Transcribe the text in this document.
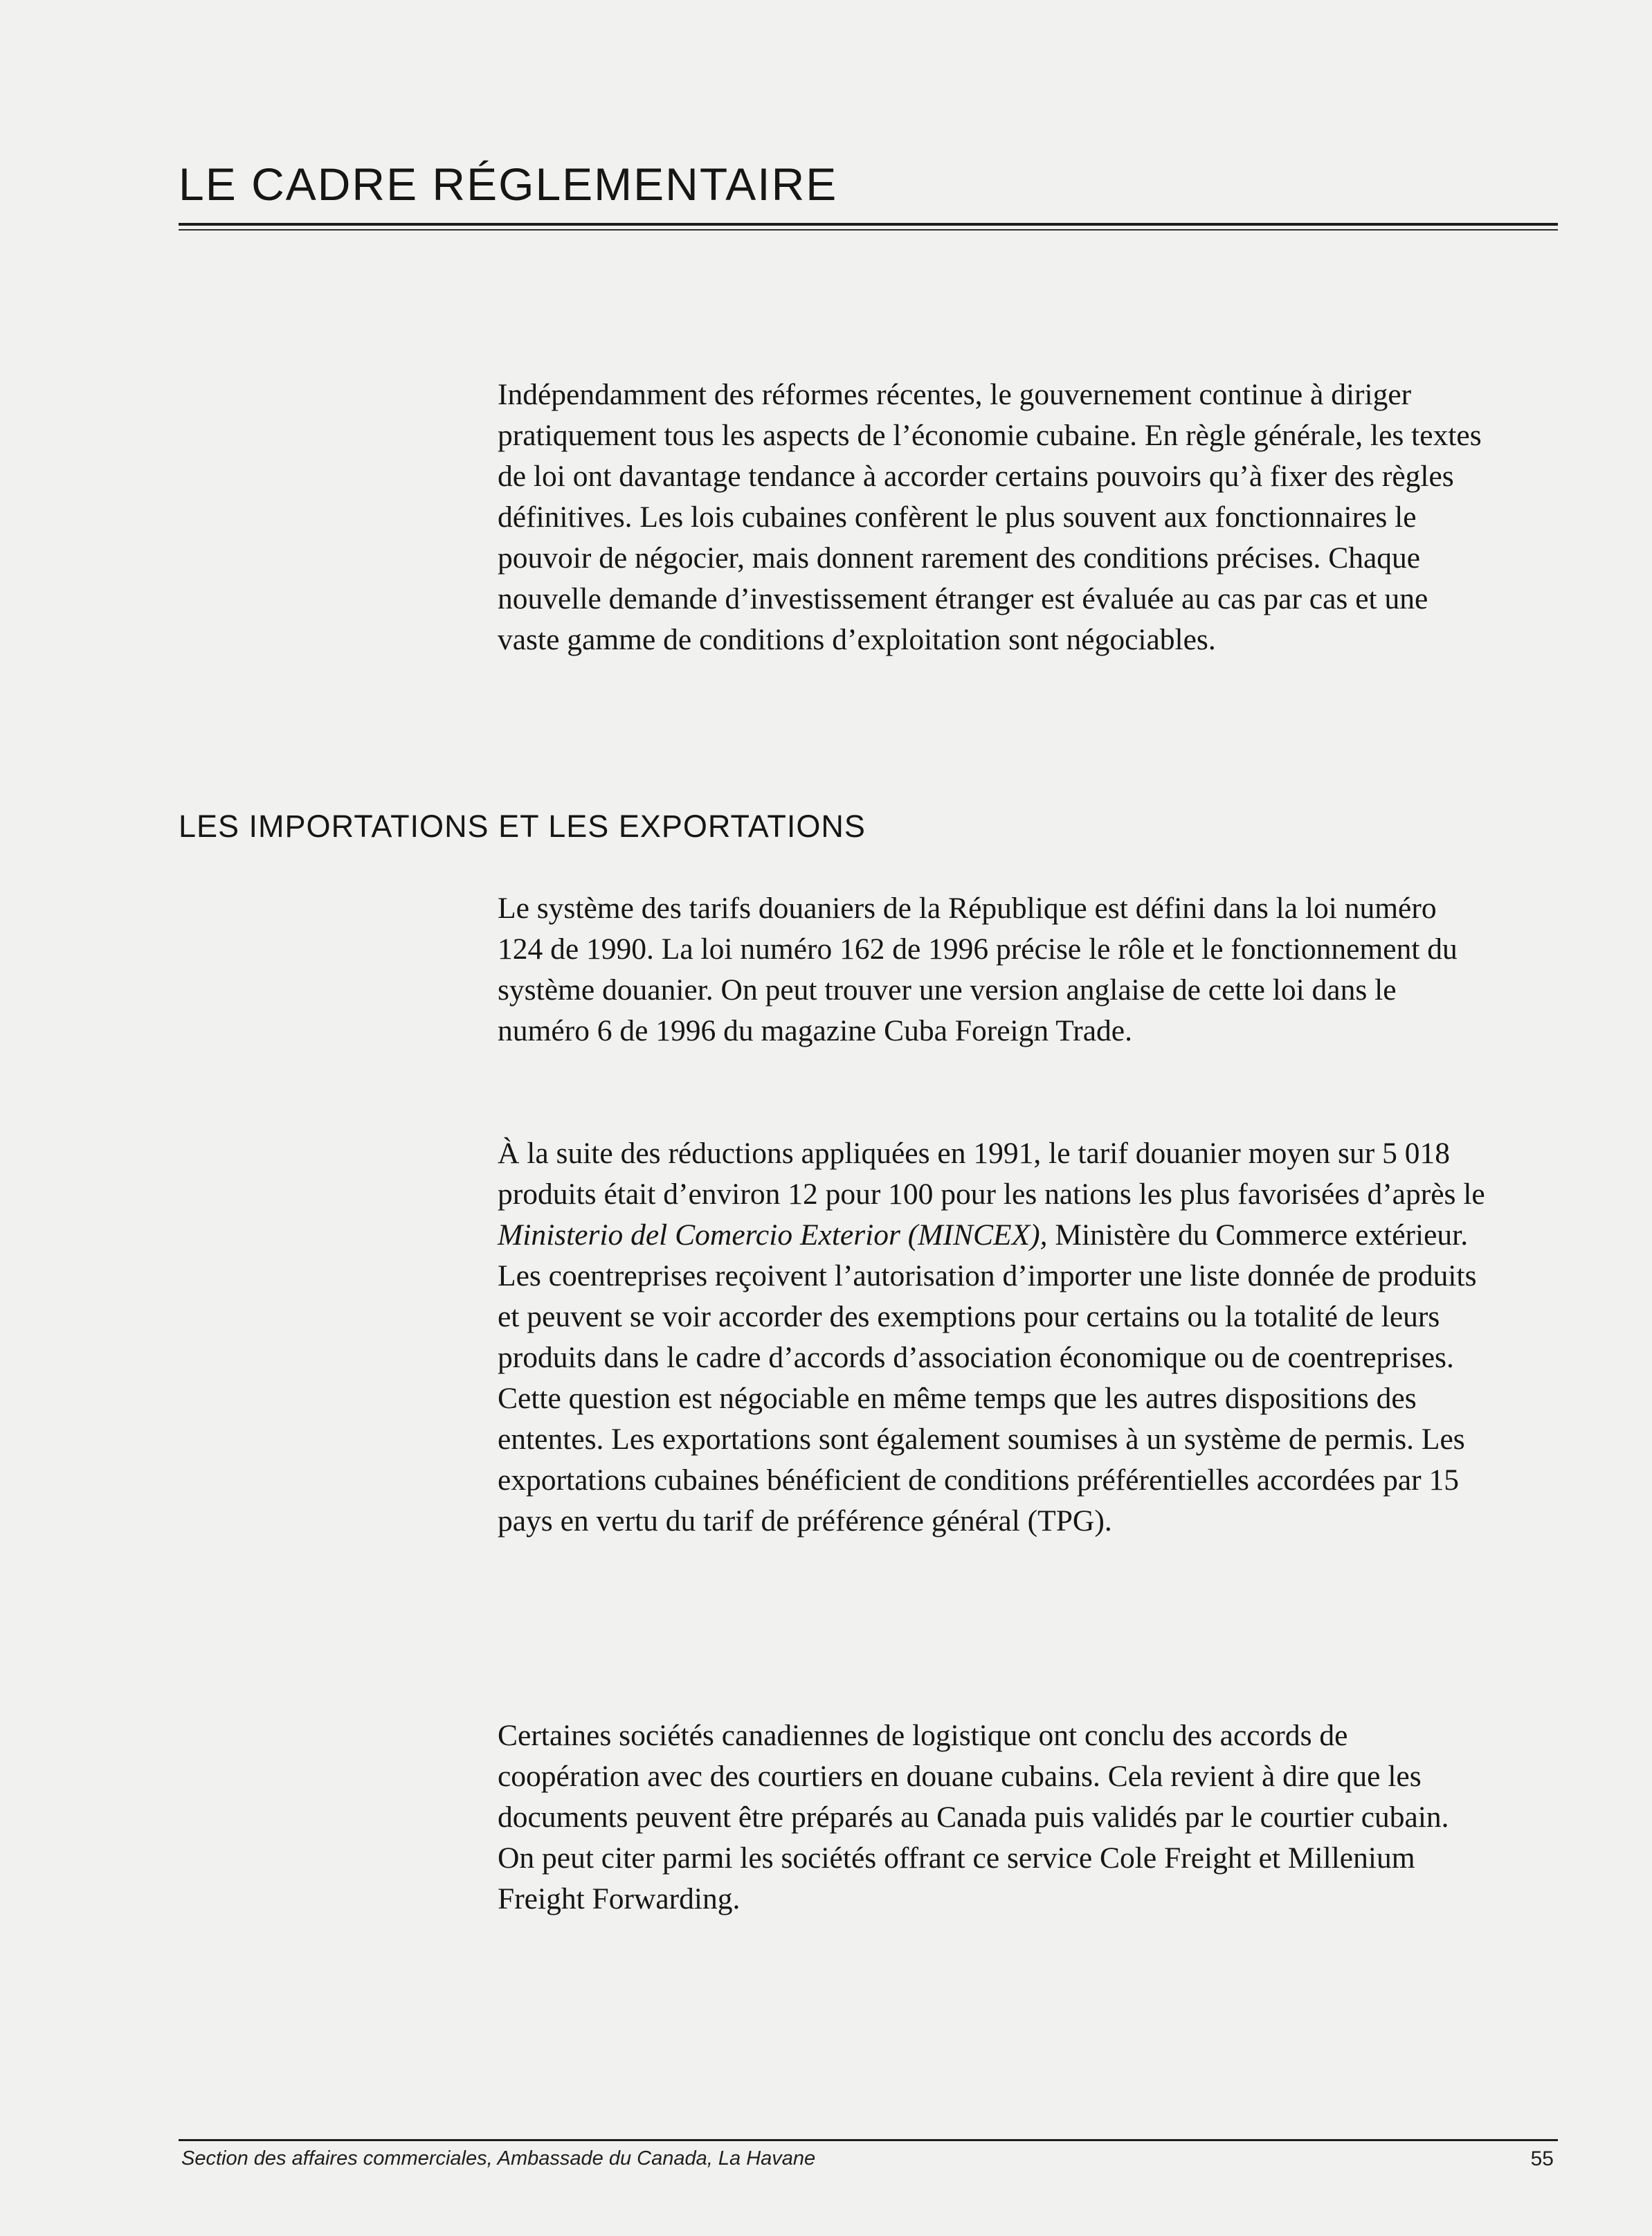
LE CADRE RÉGLEMENTAIRE

Indépendamment des réformes récentes, le gouvernement continue à diriger pratiquement tous les aspects de l’économie cubaine. En règle générale, les textes de loi ont davantage tendance à accorder certains pouvoirs qu’à fixer des règles définitives. Les lois cubaines confèrent le plus souvent aux fonctionnaires le pouvoir de négocier, mais donnent rarement des conditions précises. Chaque nouvelle demande d’investissement étranger est évaluée au cas par cas et une vaste gamme de conditions d’exploitation sont négociables.

LES IMPORTATIONS ET LES EXPORTATIONS

Le système des tarifs douaniers de la République est défini dans la loi numéro 124 de 1990. La loi numéro 162 de 1996 précise le rôle et le fonctionnement du système douanier. On peut trouver une version anglaise de cette loi dans le numéro 6 de 1996 du magazine Cuba Foreign Trade.

À la suite des réductions appliquées en 1991, le tarif douanier moyen sur 5 018 produits était d’environ 12 pour 100 pour les nations les plus favorisées d’après le Ministerio del Comercio Exterior (MINCEX), Ministère du Commerce extérieur. Les coentreprises reçoivent l’autorisation d’importer une liste donnée de produits et peuvent se voir accorder des exemptions pour certains ou la totalité de leurs produits dans le cadre d’accords d’association économique ou de coentreprises. Cette question est négociable en même temps que les autres dispositions des ententes. Les exportations sont également soumises à un système de permis. Les exportations cubaines bénéficient de conditions préférentielles accordées par 15 pays en vertu du tarif de préférence général (TPG).

Certaines sociétés canadiennes de logistique ont conclu des accords de coopération avec des courtiers en douane cubains. Cela revient à dire que les documents peuvent être préparés au Canada puis validés par le courtier cubain. On peut citer parmi les sociétés offrant ce service Cole Freight et Millenium Freight Forwarding.

Section des affaires commerciales, Ambassade du Canada, La Havane	55
